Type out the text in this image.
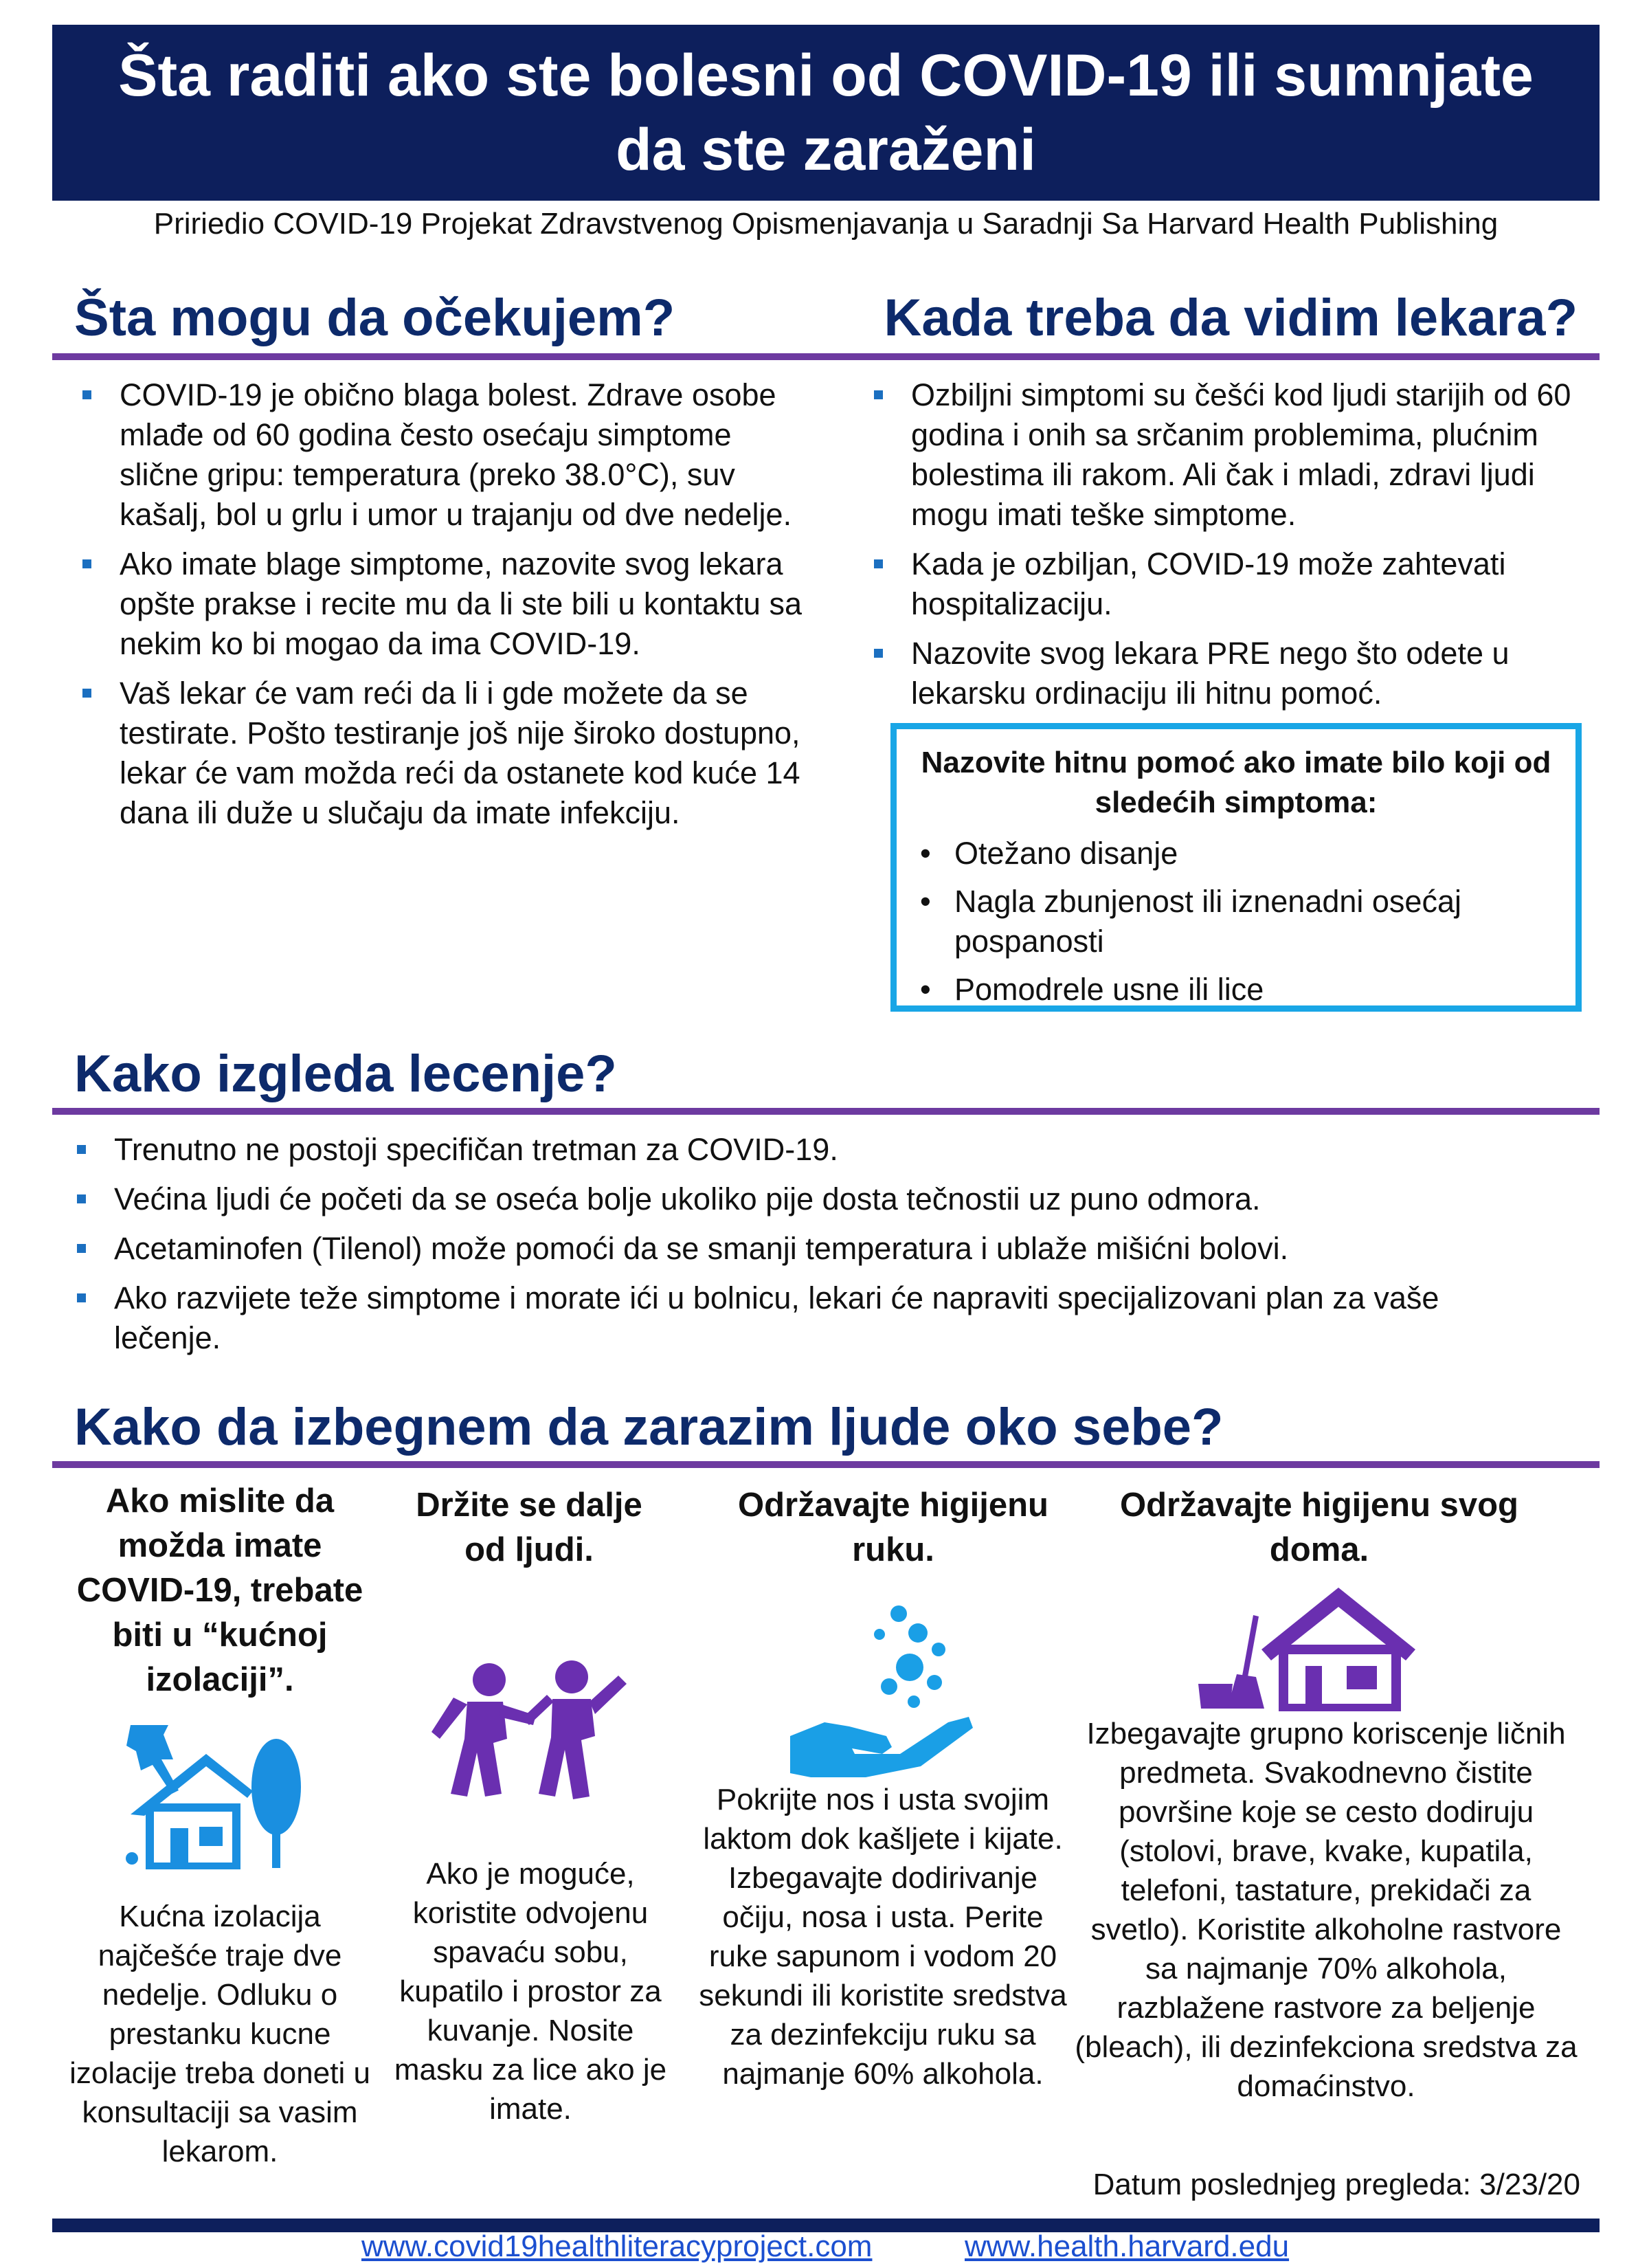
Šta raditi ako ste bolesni od COVID-19 ili sumnjate da ste zaraženi
Pririedio COVID-19 Projekat Zdravstvenog Opismenjavanja u Saradnji Sa Harvard Health Publishing
Šta mogu da očekujem?	Kada treba da vidim lekara?
COVID-19 je obično blaga bolest. Zdrave osobe mlađe od 60 godina često osećaju simptome slične gripu: temperatura (preko 38.0°C), suv kašalj, bol u grlu i umor u trajanju od dve nedelje.
Ako imate blage simptome, nazovite svog lekara opšte prakse i recite mu da li ste bili u kontaktu sa nekim ko bi mogao da ima COVID-19.
Vaš lekar će vam reći da li i gde možete da se testirate. Pošto testiranje još nije široko dostupno, lekar će vam možda reći da ostanete kod kuće 14 dana ili duže u slučaju da imate infekciju.
Ozbiljni simptomi su češći kod ljudi starijih od 60 godina i onih sa srčanim problemima, plućnim bolestima ili rakom. Ali čak i mladi, zdravi ljudi mogu imati teške simptome.
Kada je ozbiljan, COVID-19 može zahtevati hospitalizaciju.
Nazovite svog lekara PRE nego što odete u lekarsku ordinaciju ili hitnu pomoć.
Nazovite hitnu pomoć ako imate bilo koji od sledećih simptoma:
• Otežano disanje
• Nagla zbunjenost ili iznenadni osećaj pospanosti
• Pomodrele usne ili lice
Kako izgleda lecenje?
Trenutno ne postoji specifičan tretman za COVID-19.
Većina ljudi će početi da se oseća bolje ukoliko pije dosta tečnostii uz puno odmora.
Acetaminofen (Tilenol) može pomoći da se smanji temperatura i ublaže mišićni bolovi.
Ako razvijete teže simptome i morate ići u bolnicu, lekari će napraviti specijalizovani plan za vaše lečenje.
Kako da izbegnem da zarazim ljude oko sebe?
Ako mislite da možda imate COVID-19, trebate biti u “kućnoj izolaciji”.
Kućna izolacija najčešće traje dve nedelje. Odluku o prestanku kucne izolacije treba doneti u konsultaciji sa vasim lekarom.
Držite se dalje od ljudi.
Ako je moguće, koristite odvojenu spavaću sobu, kupatilo i prostor za kuvanje. Nosite masku za lice ako je imate.
Održavajte higijenu ruku.
Pokrijte nos i usta svojim laktom dok kašljete i kijate. Izbegavajte dodirivanje očiju, nosa i usta. Perite ruke sapunom i vodom 20 sekundi ili koristite sredstva za dezinfekciju ruku sa najmanje 60% alkohola.
Održavajte higijenu svog doma.
Izbegavajte grupno koriscenje ličnih predmeta. Svakodnevno čistite površine koje se cesto dodiruju (stolovi, brave, kvake, kupatila, telefoni, tastature, prekidači za svetlo). Koristite alkoholne rastvore sa najmanje 70% alkohola, razblažene rastvore za beljenje (bleach), ili dezinfekciona sredstva za domaćinstvo.
Datum poslednjeg pregleda: 3/23/20
www.covid19healthliteracyproject.com	www.health.harvard.edu
